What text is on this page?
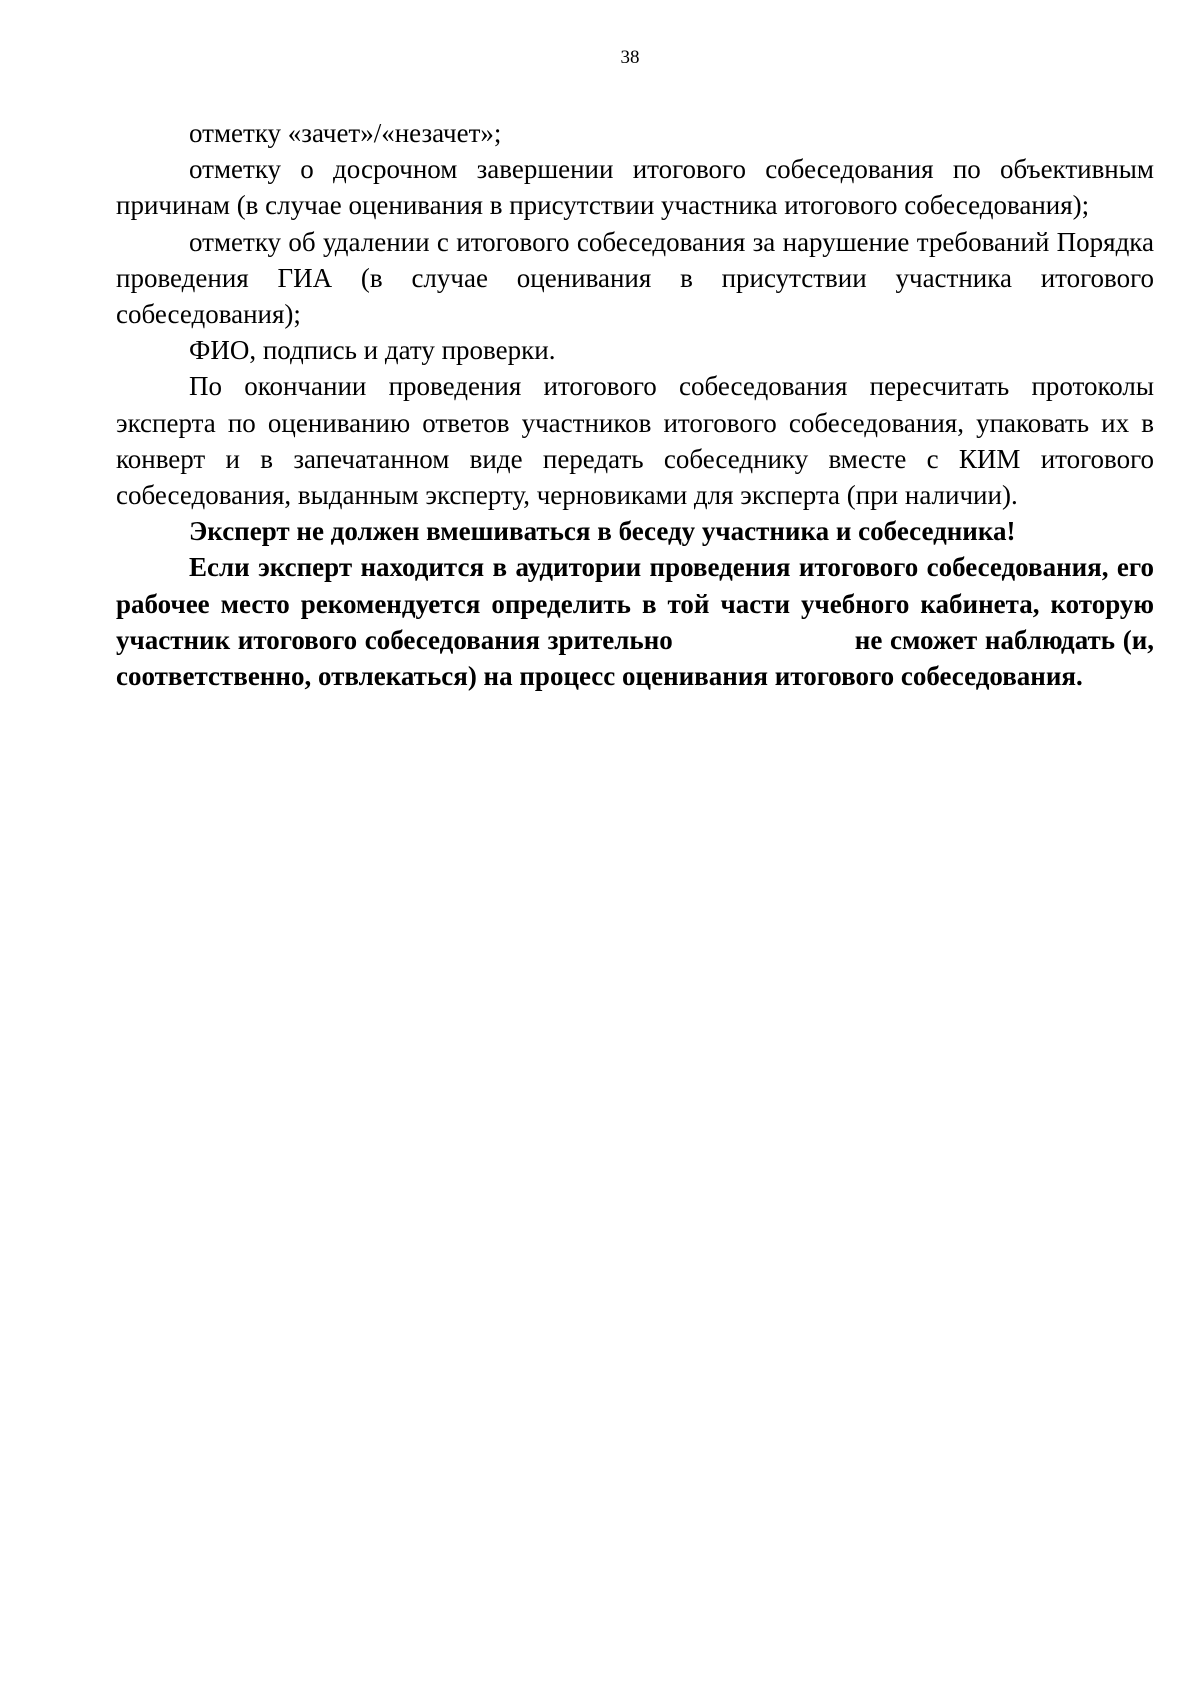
38

отметку «зачет»/«незачет»;

отметку о досрочном завершении итогового собеседования по объективным причинам (в случае оценивания в присутствии участника итогового собеседования);

отметку об удалении с итогового собеседования за нарушение требований Порядка проведения ГИА (в случае оценивания в присутствии участника итогового собеседования);

ФИО, подпись и дату проверки.

По окончании проведения итогового собеседования пересчитать протоколы эксперта по оцениванию ответов участников итогового собеседования, упаковать их в конверт и в запечатанном виде передать собеседнику вместе с КИМ итогового собеседования, выданным эксперту, черновиками для эксперта (при наличии).

Эксперт не должен вмешиваться в беседу участника и собеседника!

Если эксперт находится в аудитории проведения итогового собеседования, его рабочее место рекомендуется определить в той части учебного кабинета, которую участник итогового собеседования зрительно	не сможет наблюдать (и, соответственно, отвлекаться) на процесс оценивания итогового собеседования.
